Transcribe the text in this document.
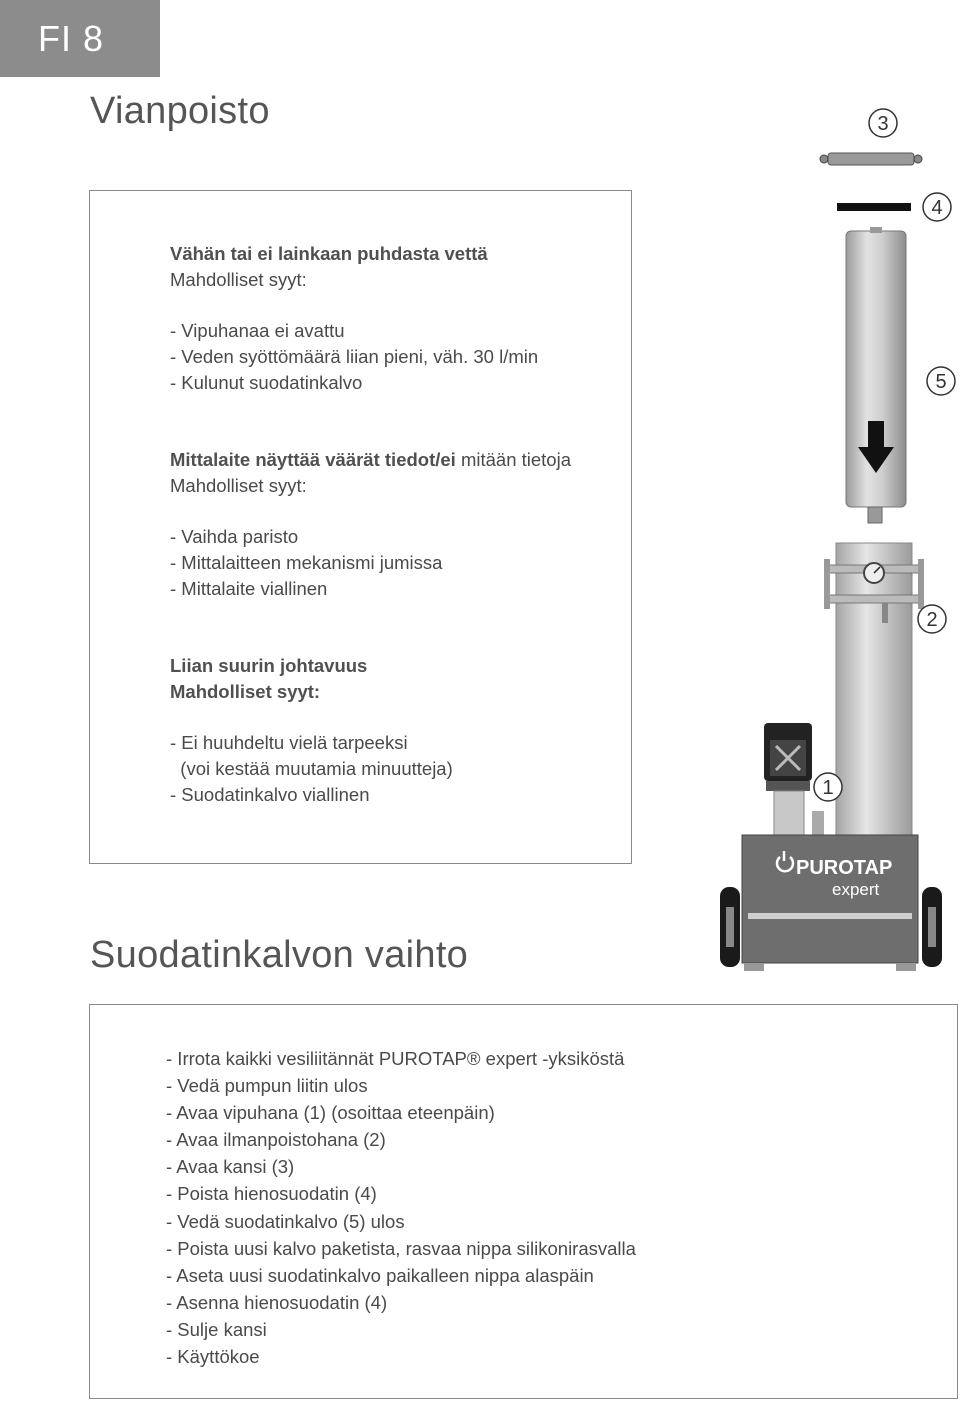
FI 8
Vianpoisto
Vähän tai ei lainkaan puhdasta vettä
Mahdolliset syyt:
- Vipuhanaa ei avattu
- Veden syöttömäärä liian pieni, väh. 30 l/min
- Kulunut suodatinkalvo
Mittalaite näyttää väärät tiedot/ei mitään tietoja
Mahdolliset syyt:
- Vaihda paristo
- Mittalaitteen mekanismi jumissa
- Mittalaite viallinen
Liian suurin johtavuus
Mahdolliset syyt:
- Ei huuhdeltu vielä tarpeeksi
(voi kestää muutamia minuutteja)
- Suodatinkalvo viallinen
PUROTAP
expert
3
4
5
2
1
Suodatinkalvon vaihto
- Irrota kaikki vesiliitännät PUROTAP® expert -yksiköstä
- Vedä pumpun liitin ulos
- Avaa vipuhana (1) (osoittaa eteenpäin)
- Avaa ilmanpoistohana (2)
- Avaa kansi (3)
- Poista hienosuodatin (4)
- Vedä suodatinkalvo (5) ulos
- Poista uusi kalvo paketista, rasvaa nippa silikonirasvalla
- Aseta uusi suodatinkalvo paikalleen nippa alaspäin
- Asenna hienosuodatin (4)
- Sulje kansi
- Käyttökoe
